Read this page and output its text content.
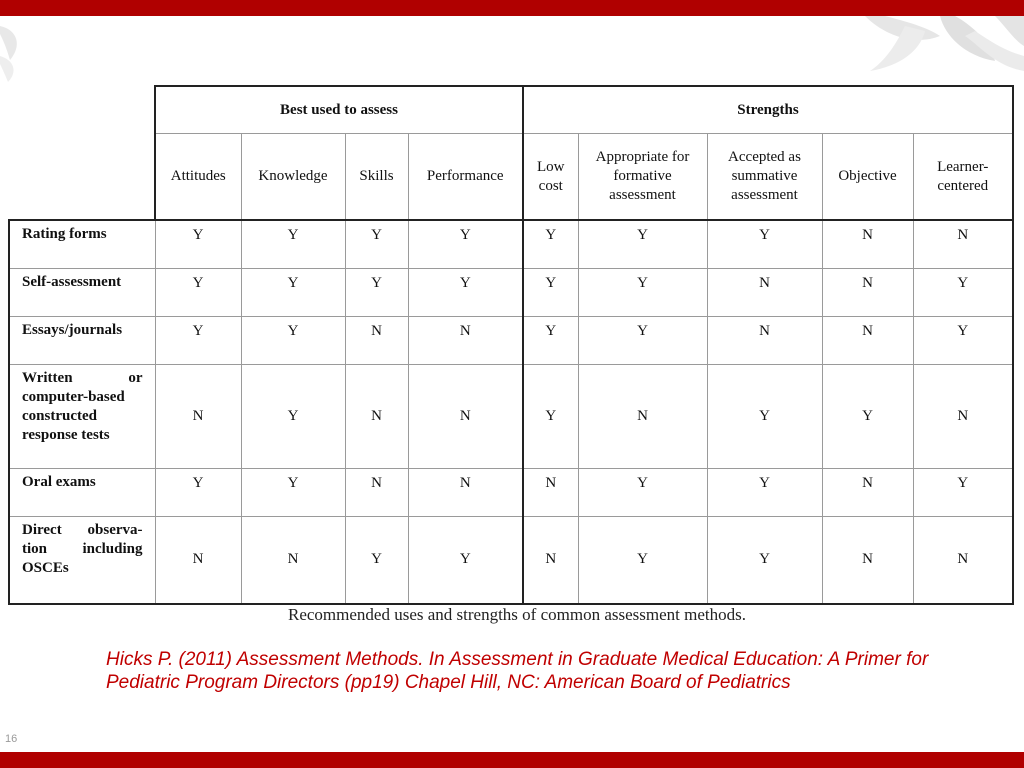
	Best used to assess				Strengths				
	Attitudes	Knowledge	Skills	Performance	Low cost	Appropriate for formative assessment	Accepted as summative assessment	Objective	Learner-centered
Rating forms	Y	Y	Y	Y	Y	Y	Y	N	N
Self-assessment	Y	Y	Y	Y	Y	Y	N	N	Y
Essays/journals	Y	Y	N	N	Y	Y	N	N	Y
Written or computer-based constructed response tests	N	Y	N	N	Y	N	Y	Y	N
Oral exams	Y	Y	N	N	N	Y	Y	N	Y
Direct observa-tion including OSCEs	N	N	Y	Y	N	Y	Y	N	N
Recommended uses and strengths of common assessment methods.
Hicks P. (2011) Assessment Methods. In Assessment in Graduate Medical Education: A Primer for Pediatric Program Directors (pp19) Chapel Hill, NC: American Board of Pediatrics
16
